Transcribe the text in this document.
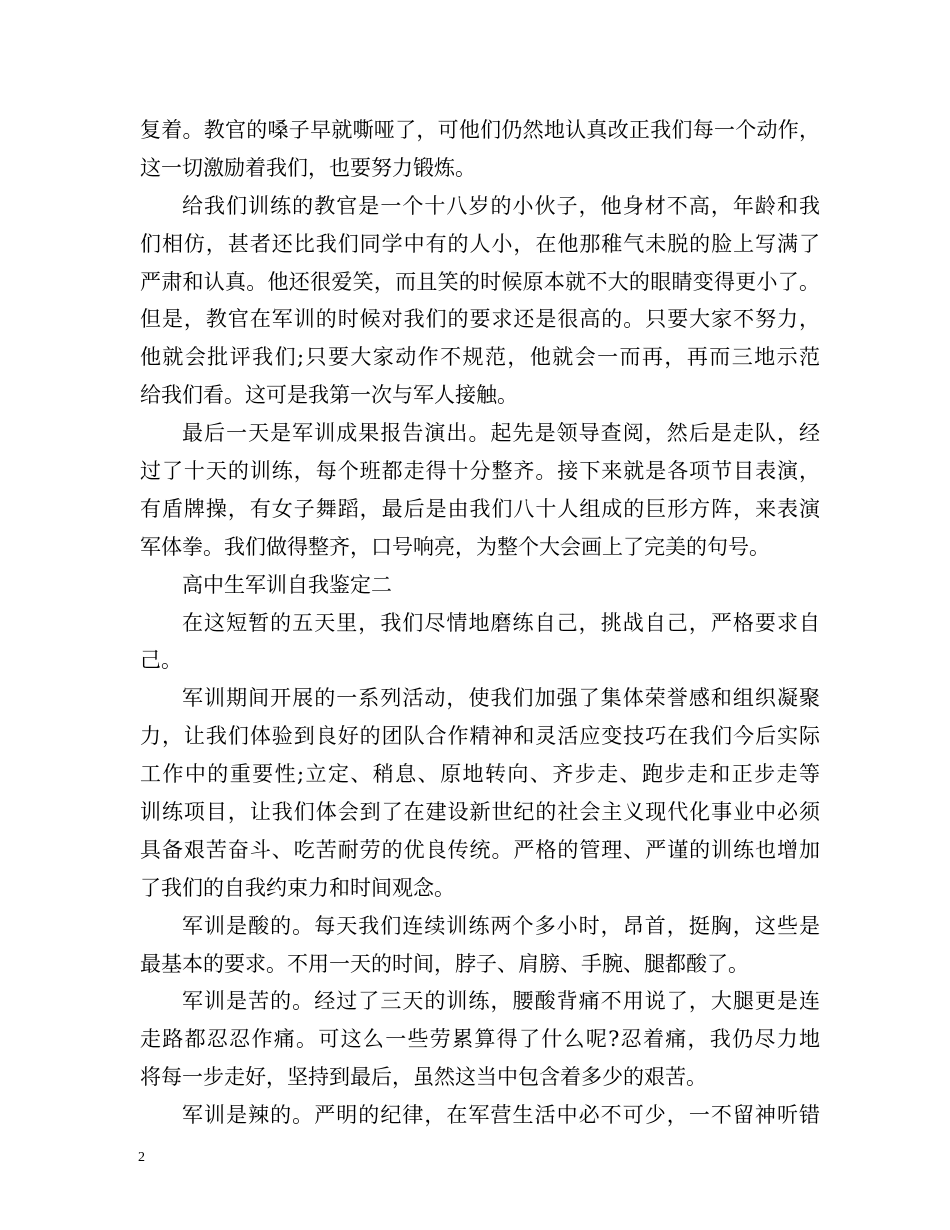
复着。教官的嗓子早就嘶哑了，可他们仍然地认真改正我们每一个动作，
这一切激励着我们，也要努力锻炼。
给我们训练的教官是一个十八岁的小伙子，他身材不高，年龄和我
们相仿，甚者还比我们同学中有的人小，在他那稚气未脱的脸上写满了
严肃和认真。他还很爱笑，而且笑的时候原本就不大的眼睛变得更小了。
但是，教官在军训的时候对我们的要求还是很高的。只要大家不努力，
他就会批评我们;只要大家动作不规范，他就会一而再，再而三地示范
给我们看。这可是我第一次与军人接触。
最后一天是军训成果报告演出。起先是领导查阅，然后是走队，经
过了十天的训练，每个班都走得十分整齐。接下来就是各项节目表演，
有盾牌操，有女子舞蹈，最后是由我们八十人组成的巨形方阵，来表演
军体拳。我们做得整齐，口号响亮，为整个大会画上了完美的句号。
高中生军训自我鉴定二
在这短暂的五天里，我们尽情地磨练自己，挑战自己，严格要求自
己。
军训期间开展的一系列活动，使我们加强了集体荣誉感和组织凝聚
力，让我们体验到良好的团队合作精神和灵活应变技巧在我们今后实际
工作中的重要性;立定、稍息、原地转向、齐步走、跑步走和正步走等
训练项目，让我们体会到了在建设新世纪的社会主义现代化事业中必须
具备艰苦奋斗、吃苦耐劳的优良传统。严格的管理、严谨的训练也增加
了我们的自我约束力和时间观念。
军训是酸的。每天我们连续训练两个多小时，昂首，挺胸，这些是
最基本的要求。不用一天的时间，脖子、肩膀、手腕、腿都酸了。
军训是苦的。经过了三天的训练，腰酸背痛不用说了，大腿更是连
走路都忍忍作痛。可这么一些劳累算得了什么呢?忍着痛，我仍尽力地
将每一步走好，坚持到最后，虽然这当中包含着多少的艰苦。
军训是辣的。严明的纪律，在军营生活中必不可少，一不留神听错
2
